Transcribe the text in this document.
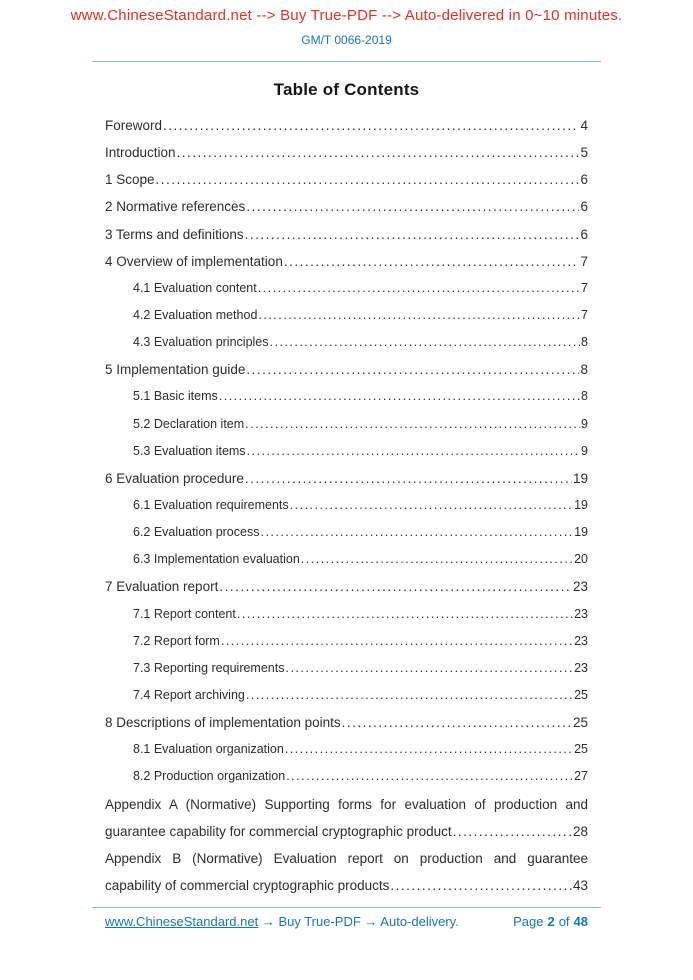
www.ChineseStandard.net --> Buy True-PDF --> Auto-delivered in 0~10 minutes.
GM/T 0066-2019
Table of Contents
Foreword .....	4
Introduction .....	5
1 Scope .....	6
2 Normative references .....	6
3 Terms and definitions .....	6
4 Overview of implementation .....	7
4.1 Evaluation content .....	7
4.2 Evaluation method .....	7
4.3 Evaluation principles .....	8
5 Implementation guide .....	8
5.1 Basic items .....	8
5.2 Declaration item .....	9
5.3 Evaluation items .....	9
6 Evaluation procedure .....	19
6.1 Evaluation requirements .....	19
6.2 Evaluation process .....	19
6.3 Implementation evaluation .....	20
7 Evaluation report .....	23
7.1 Report content .....	23
7.2 Report form .....	23
7.3 Reporting requirements .....	23
7.4 Report archiving .....	25
8 Descriptions of implementation points .....	25
8.1 Evaluation organization .....	25
8.2 Production organization .....	27
Appendix A (Normative) Supporting forms for evaluation of production and
guarantee capability for commercial cryptographic product .....	28
Appendix B (Normative) Evaluation report on production and guarantee
capability of commercial cryptographic products .....	43
www.ChineseStandard.net → Buy True-PDF → Auto-delivery.	Page 2 of 48
